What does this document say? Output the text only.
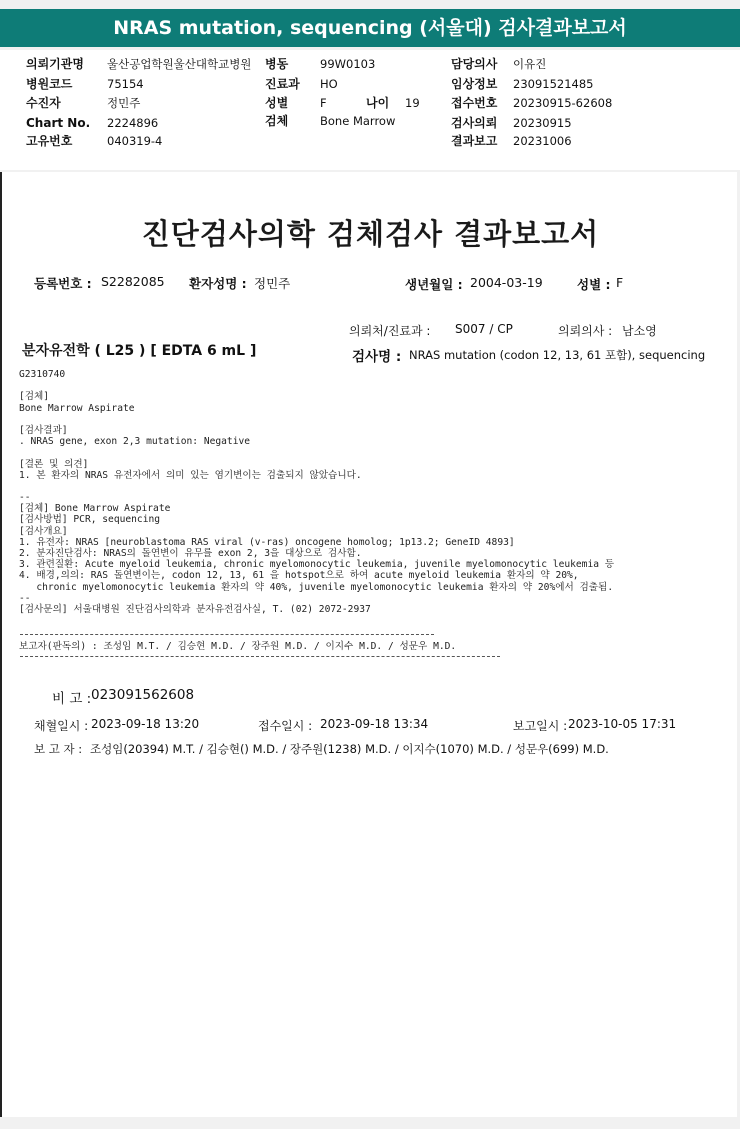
NRAS mutation, sequencing (서울대) 검사결과보고서
의뢰기관명 울산공업학원울산대학교병원 병동	99W0103	담당의사 이유진
병원코드	75154	진료과 HO	임상정보 23091521485
수진자	정민주	성별	F	나이 19	접수번호 20230915-62608
Chart No. 2224896	검체	Bone Marrow	검사의뢰 20230915
고유번호	040319-4	결과보고 20231006
진단검사의학 검체검사 결과보고서
등록번호 : S2282085 환자성명 : 정민주	생년월일 : 2004-03-19	성별 : F
의뢰처/진료과 : S007 / CP	의뢰의사 : 남소영
분자유전학 ( L25 ) [ EDTA 6 mL ]	검사명 : NRAS mutation (codon 12, 13, 61 포함), sequencing
G2310740
[검체]
Bone Marrow Aspirate
[검사결과]
. NRAS gene, exon 2,3 mutation: Negative
[결론 및 의견]
1. 본 환자의 NRAS 유전자에서 의미 있는 염기변이는 검출되지 않았습니다.
--
[검체] Bone Marrow Aspirate
[검사방법] PCR, sequencing
[검사개요]
1. 유전자: NRAS [neuroblastoma RAS viral (v-ras) oncogene homolog; 1p13.2; GeneID 4893]
2. 분자진단검사: NRAS의 돌연변이 유무를 exon 2, 3을 대상으로 검사함.
3. 관련질환: Acute myeloid leukemia, chronic myelomonocytic leukemia, juvenile myelomonocytic leukemia 등
4. 배경,의의: RAS 돌연변이는, codon 12, 13, 61 을 hotspot으로 하여 acute myeloid leukemia 환자의 약 20%,
chronic myelomonocytic leukemia 환자의 약 40%, juvenile myelomonocytic leukemia 환자의 약 20%에서 검출됨.
--
[검사문의] 서울대병원 진단검사의학과 분자유전검사실, T. (02) 2072-2937
보고자(판독의) : 조성임 M.T. / 김승현 M.D. / 장주원 M.D. / 이지수 M.D. / 성문우 M.D.
비 고 : 023091562608
채혈일시 : 2023-09-18 13:20	접수일시 : 2023-09-18 13:34	보고일시 : 2023-10-05 17:31
보 고 자 : 조성임(20394) M.T. / 김승현() M.D. / 장주원(1238) M.D. / 이지수(1070) M.D. / 성문우(699) M.D.
